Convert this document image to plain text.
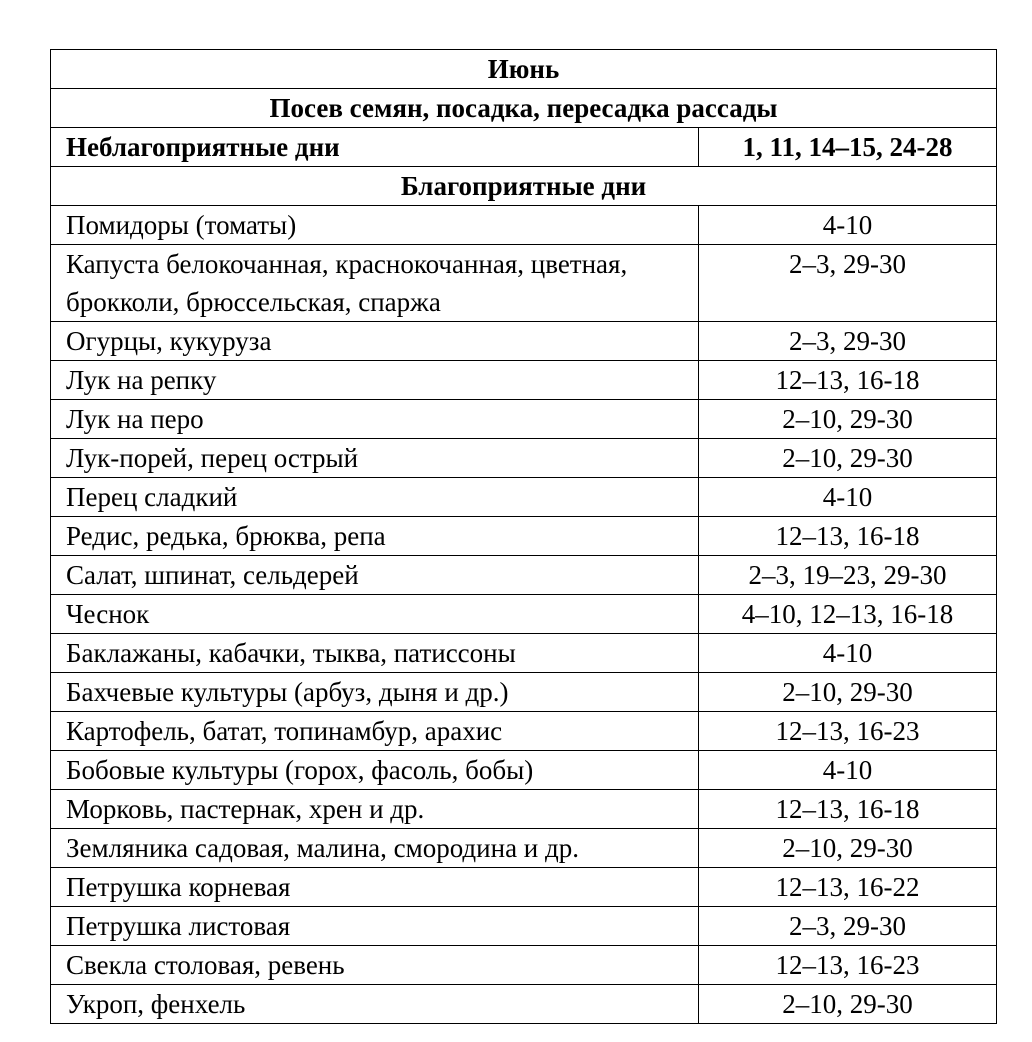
Июнь	
Посев семян, посадка, пересадка рассады	
Неблагоприятные дни	1, 11, 14–15, 24-28
Благоприятные дни	
Помидоры (томаты)	4-10
Капуста белокочанная, краснокочанная, цветная, брокколи, брюссельская, спаржа	2–3, 29-30
Огурцы, кукуруза	2–3, 29-30
Лук на репку	12–13, 16-18
Лук на перо	2–10, 29-30
Лук-порей, перец острый	2–10, 29-30
Перец сладкий	4-10
Редис, редька, брюква, репа	12–13, 16-18
Салат, шпинат, сельдерей	2–3, 19–23, 29-30
Чеснок	4–10, 12–13, 16-18
Баклажаны, кабачки, тыква, патиссоны	4-10
Бахчевые культуры (арбуз, дыня и др.)	2–10, 29-30
Картофель, батат, топинамбур, арахис	12–13, 16-23
Бобовые культуры (горох, фасоль, бобы)	4-10
Морковь, пастернак, хрен и др.	12–13, 16-18
Земляника садовая, малина, смородина и др.	2–10, 29-30
Петрушка корневая	12–13, 16-22
Петрушка листовая	2–3, 29-30
Свекла столовая, ревень	12–13, 16-23
Укроп, фенхель	2–10, 29-30
